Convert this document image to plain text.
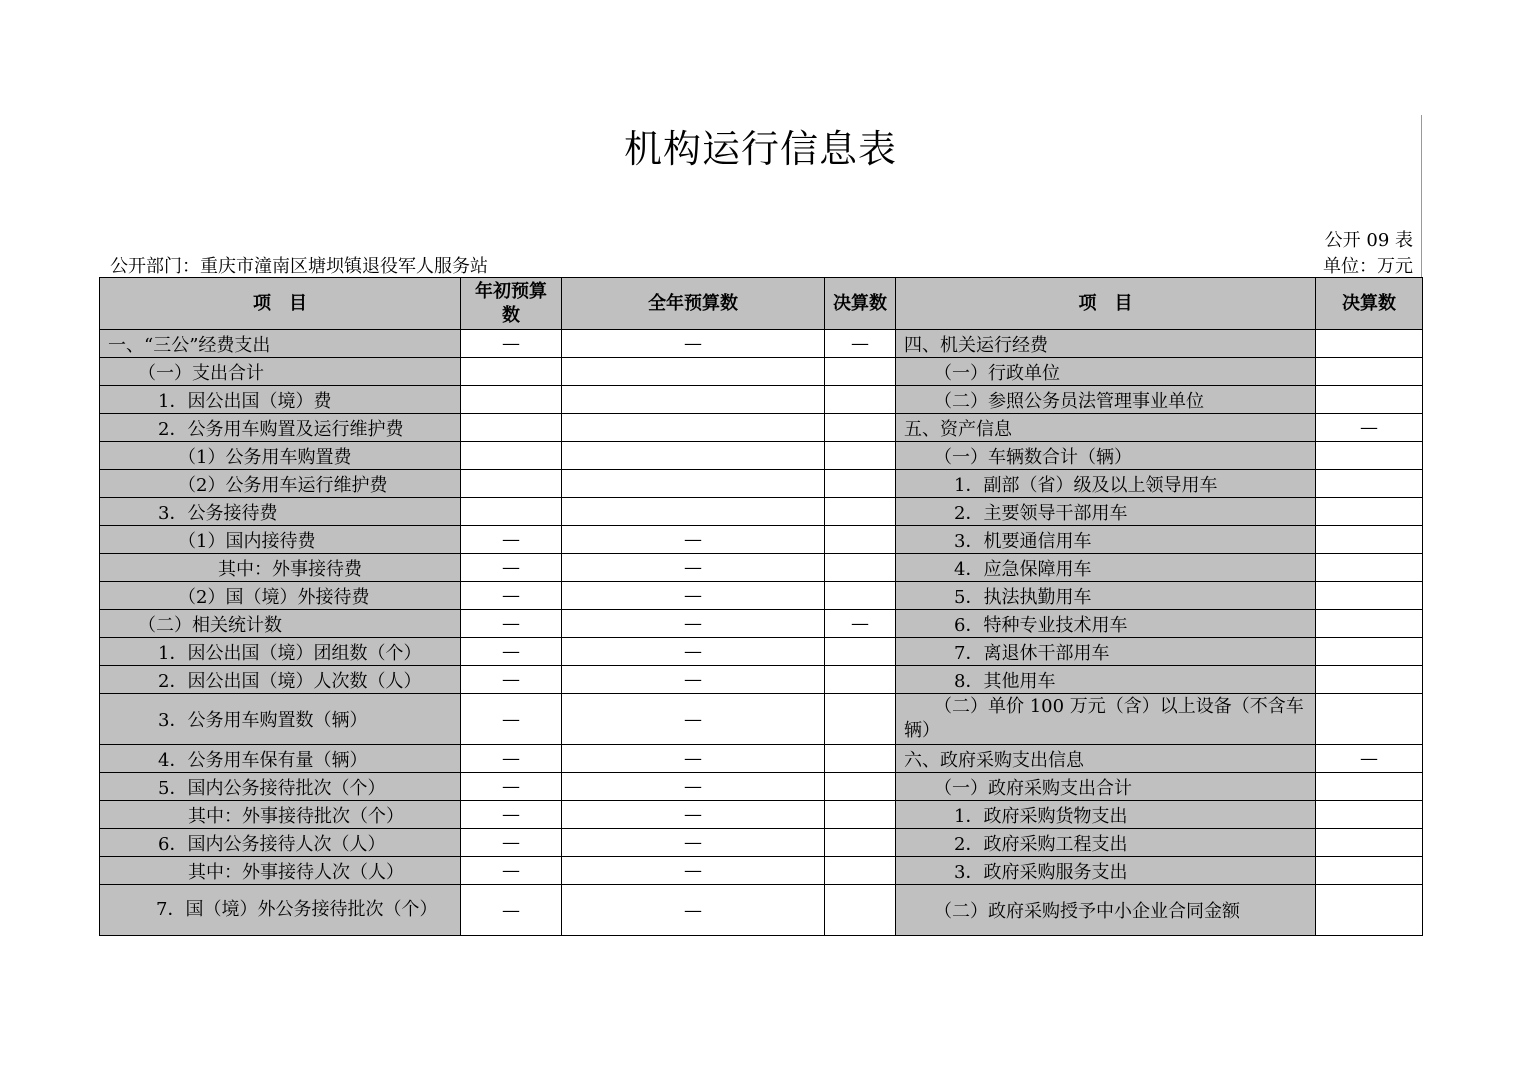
机构运行信息表
公开 09 表
公开部门：重庆市潼南区塘坝镇退役军人服务站	单位：万元
项　目	年初预算数	全年预算数	决算数	项　目	决算数
一、“三公”经费支出	—	—	—	四、机关运行经费	
（一）支出合计				（一）行政单位	
1．因公出国（境）费				（二）参照公务员法管理事业单位	
2．公务用车购置及运行维护费				五、资产信息	—
（1）公务用车购置费				（一）车辆数合计（辆）	
（2）公务用车运行维护费				1．副部（省）级及以上领导用车	
3．公务接待费				2．主要领导干部用车	
（1）国内接待费	—	—		3．机要通信用车	
其中：外事接待费	—	—		4．应急保障用车	
（2）国（境）外接待费	—	—		5．执法执勤用车	
（二）相关统计数	—	—	—	6．特种专业技术用车	
1．因公出国（境）团组数（个）	—	—		7．离退休干部用车	
2．因公出国（境）人次数（人）	—	—		8．其他用车	
3．公务用车购置数（辆）	—	—		（二）单价 100 万元（含）以上设备（不含车辆）	
4．公务用车保有量（辆）	—	—		六、政府采购支出信息	—
5．国内公务接待批次（个）	—	—		（一）政府采购支出合计	
其中：外事接待批次（个）	—	—		1．政府采购货物支出	
6．国内公务接待人次（人）	—	—		2．政府采购工程支出	
其中：外事接待人次（人）	—	—		3．政府采购服务支出	
7．国（境）外公务接待批次（个）	—	—		（二）政府采购授予中小企业合同金额	
